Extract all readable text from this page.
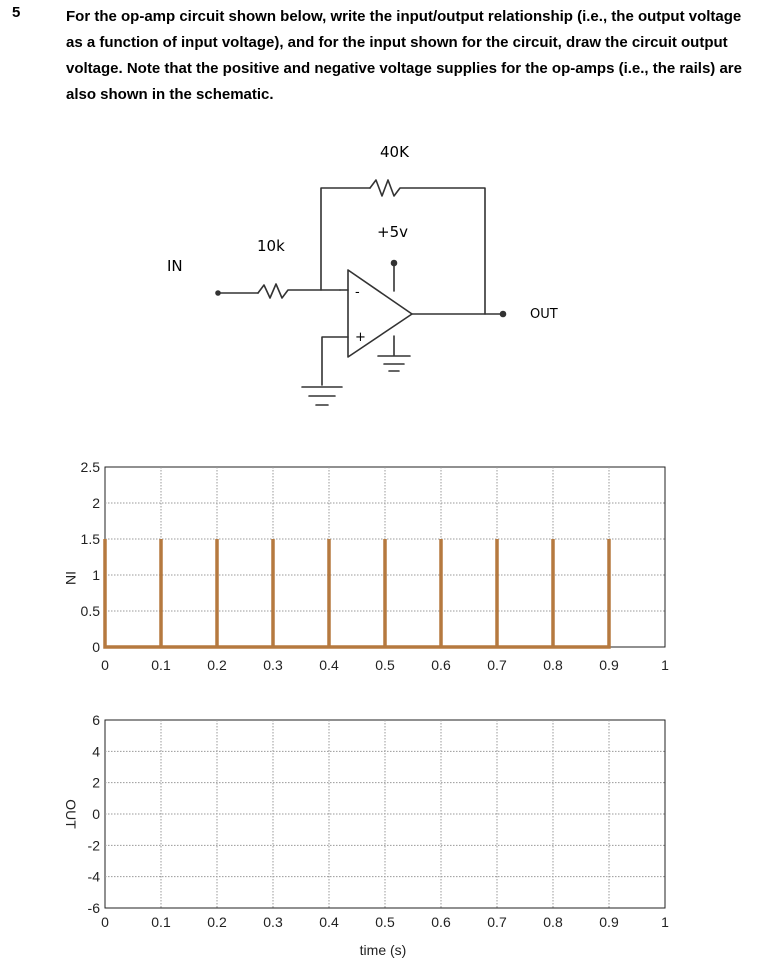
5	For the op-amp circuit shown below, write the input/output relationship (i.e., the output voltage as a function of input voltage), and for the input shown for the circuit, draw the circuit output voltage. Note that the positive and negative voltage supplies for the op-amps (i.e., the rails) are also shown in the schematic.

IN
10k
40K
+5v
OUT
-
+
0	0.1	0.2	0.3	0.4	0.5	0.6	0.7	0.8	0.9	1
0
0.5
1
1.5
2
2.5
IN
0	0.1	0.2	0.3	0.4	0.5	0.6	0.7	0.8	0.9	1
-6
-4
-2
0
2
4
6
OUT
time (s)
